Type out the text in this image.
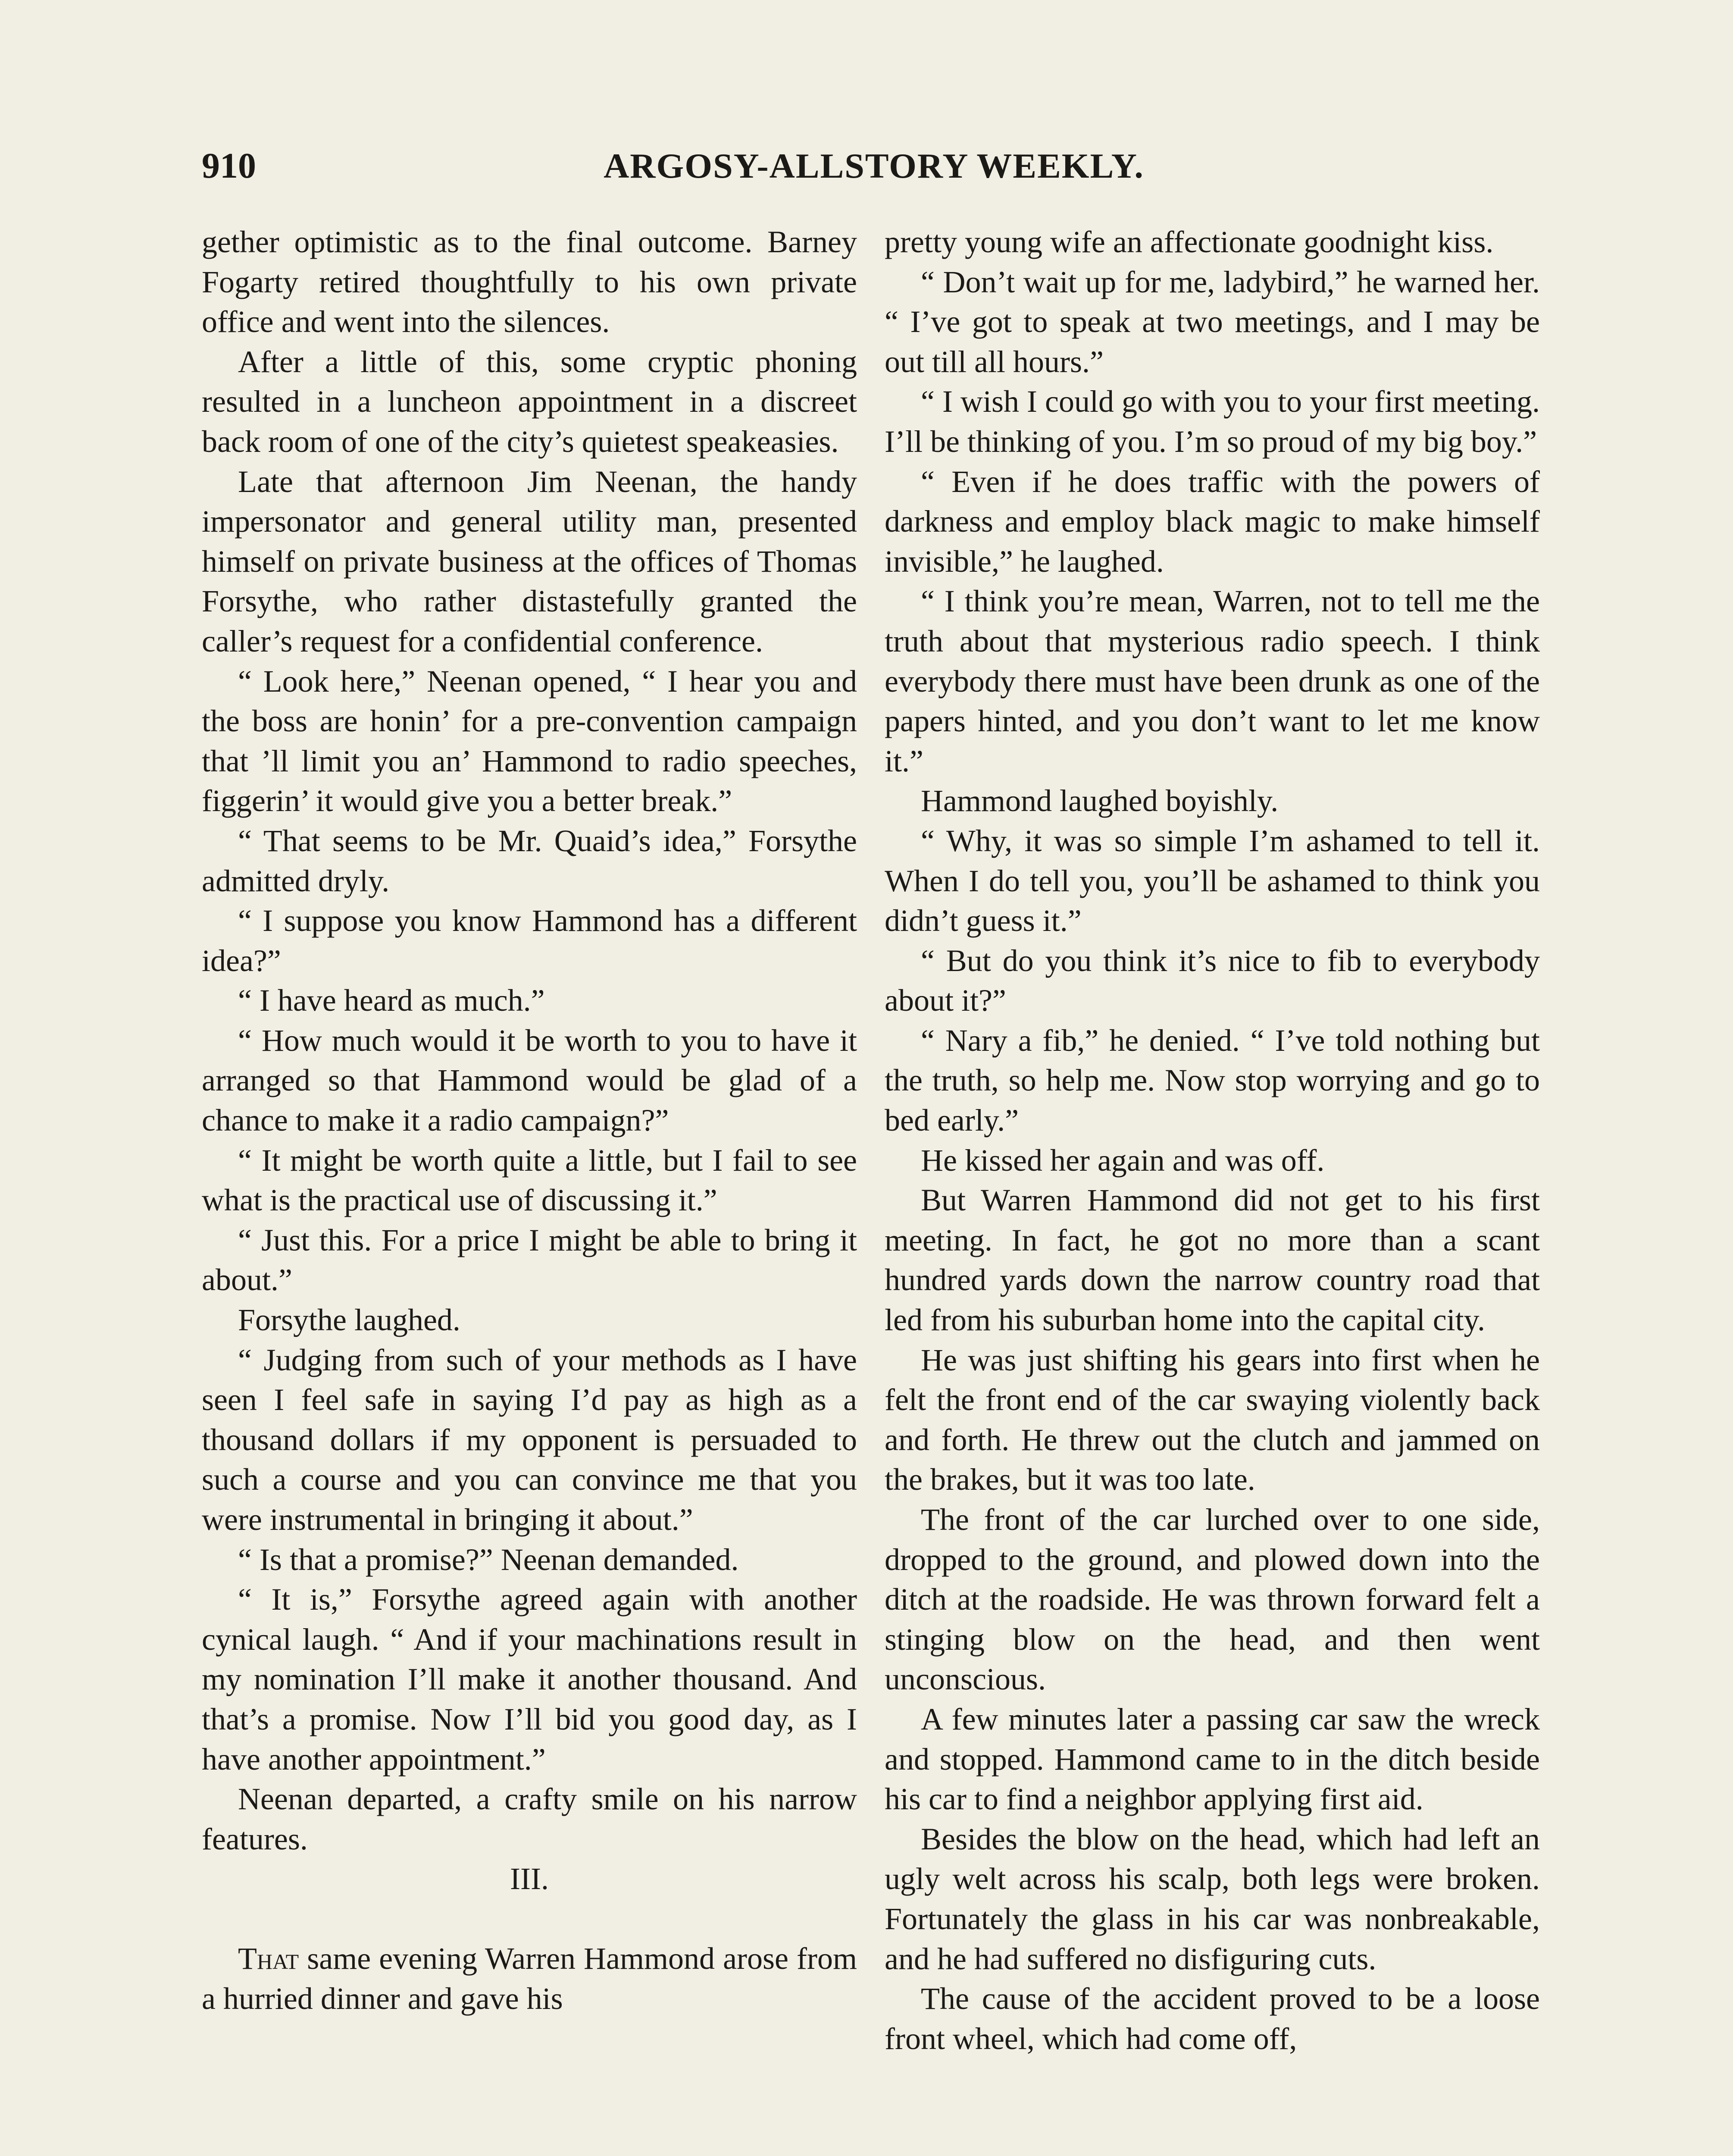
910	ARGOSY-ALLSTORY WEEKLY.

gether optimistic as to the final outcome. Barney Fogarty retired thoughtfully to his own private office and went into the silences.

After a little of this, some cryptic phoning resulted in a luncheon appointment in a discreet back room of one of the city’s quietest speakeasies.

Late that afternoon Jim Neenan, the handy impersonator and general utility man, presented himself on private business at the offices of Thomas Forsythe, who rather distastefully granted the caller’s request for a confidential conference.

“ Look here,” Neenan opened, “ I hear you and the boss are honin’ for a pre-convention campaign that ’ll limit you an’ Hammond to radio speeches, figgerin’ it would give you a better break.”

“ That seems to be Mr. Quaid’s idea,” Forsythe admitted dryly.

“ I suppose you know Hammond has a different idea?”

“ I have heard as much.”

“ How much would it be worth to you to have it arranged so that Hammond would be glad of a chance to make it a radio campaign?”

“ It might be worth quite a little, but I fail to see what is the practical use of discussing it.”

“ Just this. For a price I might be able to bring it about.”

Forsythe laughed.

“ Judging from such of your methods as I have seen I feel safe in saying I’d pay as high as a thousand dollars if my opponent is persuaded to such a course and you can convince me that you were instrumental in bringing it about.”

“ Is that a promise?” Neenan demanded.

“ It is,” Forsythe agreed again with another cynical laugh. “ And if your machinations result in my nomination I’ll make it another thousand. And that’s a promise. Now I’ll bid you good day, as I have another appointment.”

Neenan departed, a crafty smile on his narrow features.

III.

That same evening Warren Hammond arose from a hurried dinner and gave his

pretty young wife an affectionate goodnight kiss.

“ Don’t wait up for me, ladybird,” he warned her. “ I’ve got to speak at two meetings, and I may be out till all hours.”

“ I wish I could go with you to your first meeting. I’ll be thinking of you. I’m so proud of my big boy.”

“ Even if he does traffic with the powers of darkness and employ black magic to make himself invisible,” he laughed.

“ I think you’re mean, Warren, not to tell me the truth about that mysterious radio speech. I think everybody there must have been drunk as one of the papers hinted, and you don’t want to let me know it.”

Hammond laughed boyishly.

“ Why, it was so simple I’m ashamed to tell it. When I do tell you, you’ll be ashamed to think you didn’t guess it.”

“ But do you think it’s nice to fib to everybody about it?”

“ Nary a fib,” he denied. “ I’ve told nothing but the truth, so help me. Now stop worrying and go to bed early.”

He kissed her again and was off.

But Warren Hammond did not get to his first meeting. In fact, he got no more than a scant hundred yards down the narrow country road that led from his suburban home into the capital city.

He was just shifting his gears into first when he felt the front end of the car swaying violently back and forth. He threw out the clutch and jammed on the brakes, but it was too late.

The front of the car lurched over to one side, dropped to the ground, and plowed down into the ditch at the roadside. He was thrown forward felt a stinging blow on the head, and then went unconscious.

A few minutes later a passing car saw the wreck and stopped. Hammond came to in the ditch beside his car to find a neighbor applying first aid.

Besides the blow on the head, which had left an ugly welt across his scalp, both legs were broken. Fortunately the glass in his car was nonbreakable, and he had suffered no disfiguring cuts.

The cause of the accident proved to be a loose front wheel, which had come off,
